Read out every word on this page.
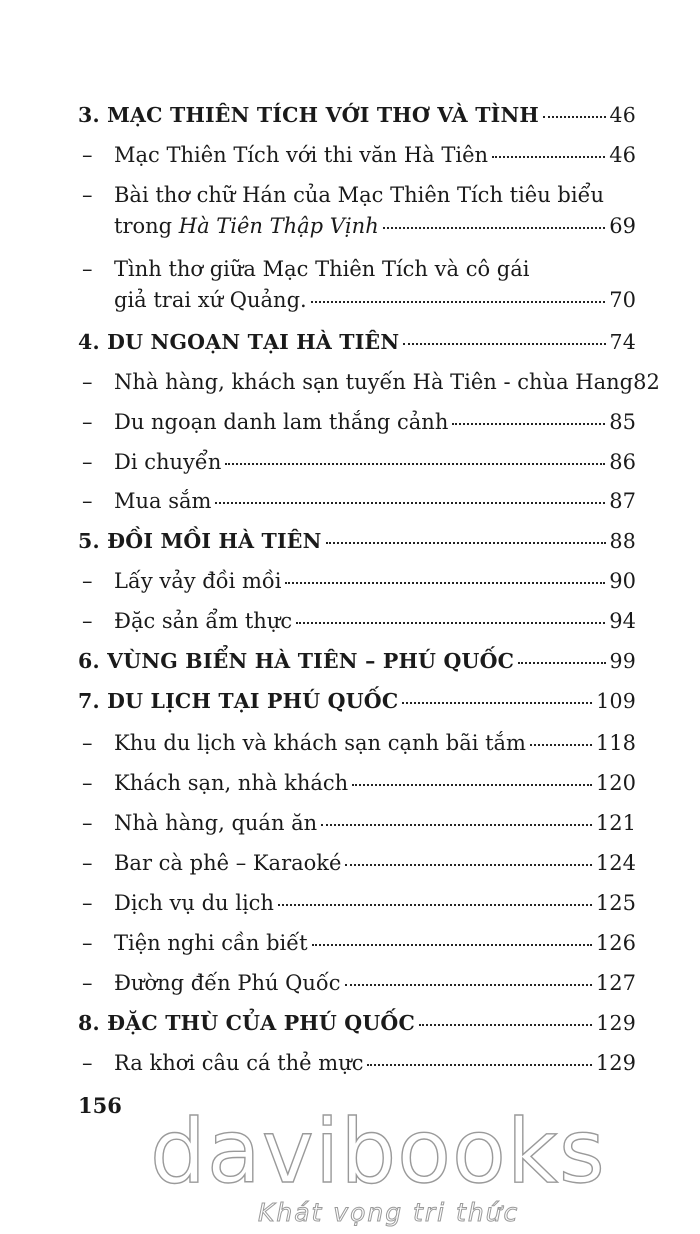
3. MẠC THIÊN TÍCH VỚI THƠ VÀ TÌNH	46
– Mạc Thiên Tích với thi văn Hà Tiên	46
– Bài thơ chữ Hán của Mạc Thiên Tích tiêu biểu
trong Hà Tiên Thập Vịnh	69
– Tình thơ giữa Mạc Thiên Tích và cô gái
giả trai xứ Quảng.	70
4. DU NGOẠN TẠI HÀ TIÊN	74
– Nhà hàng, khách sạn tuyến Hà Tiên - chùa Hang 82
– Du ngoạn danh lam thắng cảnh	85
– Di chuyển	86
– Mua sắm	87
5. ĐỒI MỒI HÀ TIÊN	88
– Lấy vảy đồi mồi	90
– Đặc sản ẩm thực	94
6. VÙNG BIỂN HÀ TIÊN – PHÚ QUỐC	99
7. DU LỊCH TẠI PHÚ QUỐC	109
– Khu du lịch và khách sạn cạnh bãi tắm	118
– Khách sạn, nhà khách	120
– Nhà hàng, quán ăn	121
– Bar cà phê – Karaoké	124
– Dịch vụ du lịch	125
– Tiện nghi cần biết	126
– Đường đến Phú Quốc	127
8. ĐẶC THÙ CỦA PHÚ QUỐC	129
– Ra khơi câu cá thẻ mực	129
156 davibooks
Khát vọng tri thức
